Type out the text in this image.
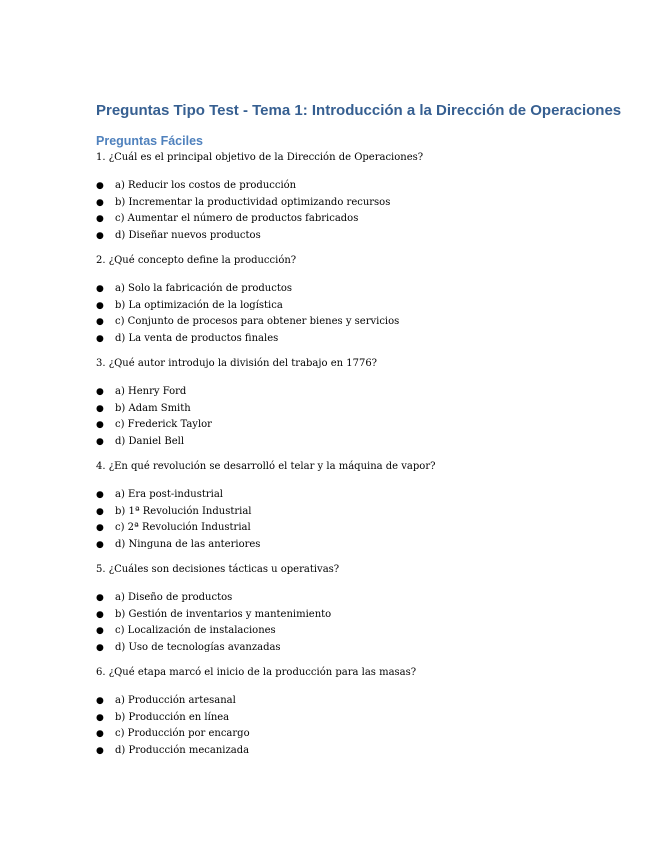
Preguntas Tipo Test - Tema 1: Introducción a la Dirección de Operaciones
Preguntas Fáciles

1. ¿Cuál es el principal objetivo de la Dirección de Operaciones?

● a) Reducir los costos de producción
● b) Incrementar la productividad optimizando recursos
● c) Aumentar el número de productos fabricados
● d) Diseñar nuevos productos

2. ¿Qué concepto define la producción?

● a) Solo la fabricación de productos
● b) La optimización de la logística
● c) Conjunto de procesos para obtener bienes y servicios
● d) La venta de productos finales

3. ¿Qué autor introdujo la división del trabajo en 1776?

● a) Henry Ford
● b) Adam Smith
● c) Frederick Taylor
● d) Daniel Bell

4. ¿En qué revolución se desarrolló el telar y la máquina de vapor?

● a) Era post-industrial
● b) 1ª Revolución Industrial
● c) 2ª Revolución Industrial
● d) Ninguna de las anteriores

5. ¿Cuáles son decisiones tácticas u operativas?

● a) Diseño de productos
● b) Gestión de inventarios y mantenimiento
● c) Localización de instalaciones
● d) Uso de tecnologías avanzadas

6. ¿Qué etapa marcó el inicio de la producción para las masas?

● a) Producción artesanal
● b) Producción en línea
● c) Producción por encargo
● d) Producción mecanizada
